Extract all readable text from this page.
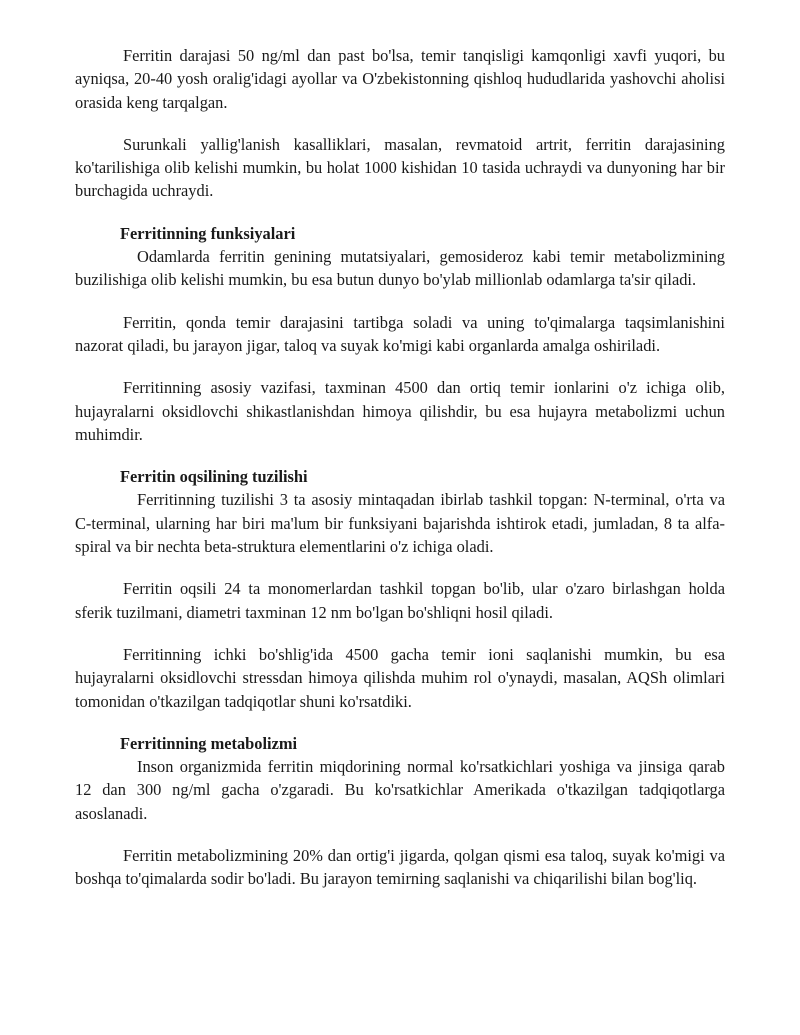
Ferritin darajasi 50 ng/ml dan past bo'lsa, temir tanqisligi kamqonligi xavfi yuqori, bu ayniqsa, 20-40 yosh oralig'idagi ayollar va O'zbekistonning qishloq hududlarida yashovchi aholisi orasida keng tarqalgan.

Surunkali yallig'lanish kasalliklari, masalan, revmatoid artrit, ferritin darajasining ko'tarilishiga olib kelishi mumkin, bu holat 1000 kishidan 10 tasida uchraydi va dunyoning har bir burchagida uchraydi.

Ferritinning funksiyalari

Odamlarda ferritin genining mutatsiyalari, gemosideroz kabi temir metabolizmining buzilishiga olib kelishi mumkin, bu esa butun dunyo bo'ylab millionlab odamlarga ta'sir qiladi.

Ferritin, qonda temir darajasini tartibga soladi va uning to'qimalarga taqsimlanishini nazorat qiladi, bu jarayon jigar, taloq va suyak ko'migi kabi organlarda amalga oshiriladi.

Ferritinning asosiy vazifasi, taxminan 4500 dan ortiq temir ionlarini o'z ichiga olib, hujayralarni oksidlovchi shikastlanishdan himoya qilishdir, bu esa hujayra metabolizmi uchun muhimdir.

Ferritin oqsilining tuzilishi

Ferritinning tuzilishi 3 ta asosiy mintaqadan ibirlab tashkil topgan: N-terminal, o'rta va C-terminal, ularning har biri ma'lum bir funksiyani bajarishda ishtirok etadi, jumladan, 8 ta alfa-spiral va bir nechta beta-struktura elementlarini o'z ichiga oladi.

Ferritin oqsili 24 ta monomerlardan tashkil topgan bo'lib, ular o'zaro birlashgan holda sferik tuzilmani, diametri taxminan 12 nm bo'lgan bo'shliqni hosil qiladi.

Ferritinning ichki bo'shlig'ida 4500 gacha temir ioni saqlanishi mumkin, bu esa hujayralarni oksidlovchi stressdan himoya qilishda muhim rol o'ynaydi, masalan, AQSh olimlari tomonidan o'tkazilgan tadqiqotlar shuni ko'rsatdiki.

Ferritinning metabolizmi

Inson organizmida ferritin miqdorining normal ko'rsatkichlari yoshiga va jinsiga qarab 12 dan 300 ng/ml gacha o'zgaradi. Bu ko'rsatkichlar Amerikada o'tkazilgan tadqiqotlarga asoslanadi.

Ferritin metabolizmining 20% dan ortig'i jigarda, qolgan qismi esa taloq, suyak ko'migi va boshqa to'qimalarda sodir bo'ladi. Bu jarayon temirning saqlanishi va chiqarilishi bilan bog'liq.
